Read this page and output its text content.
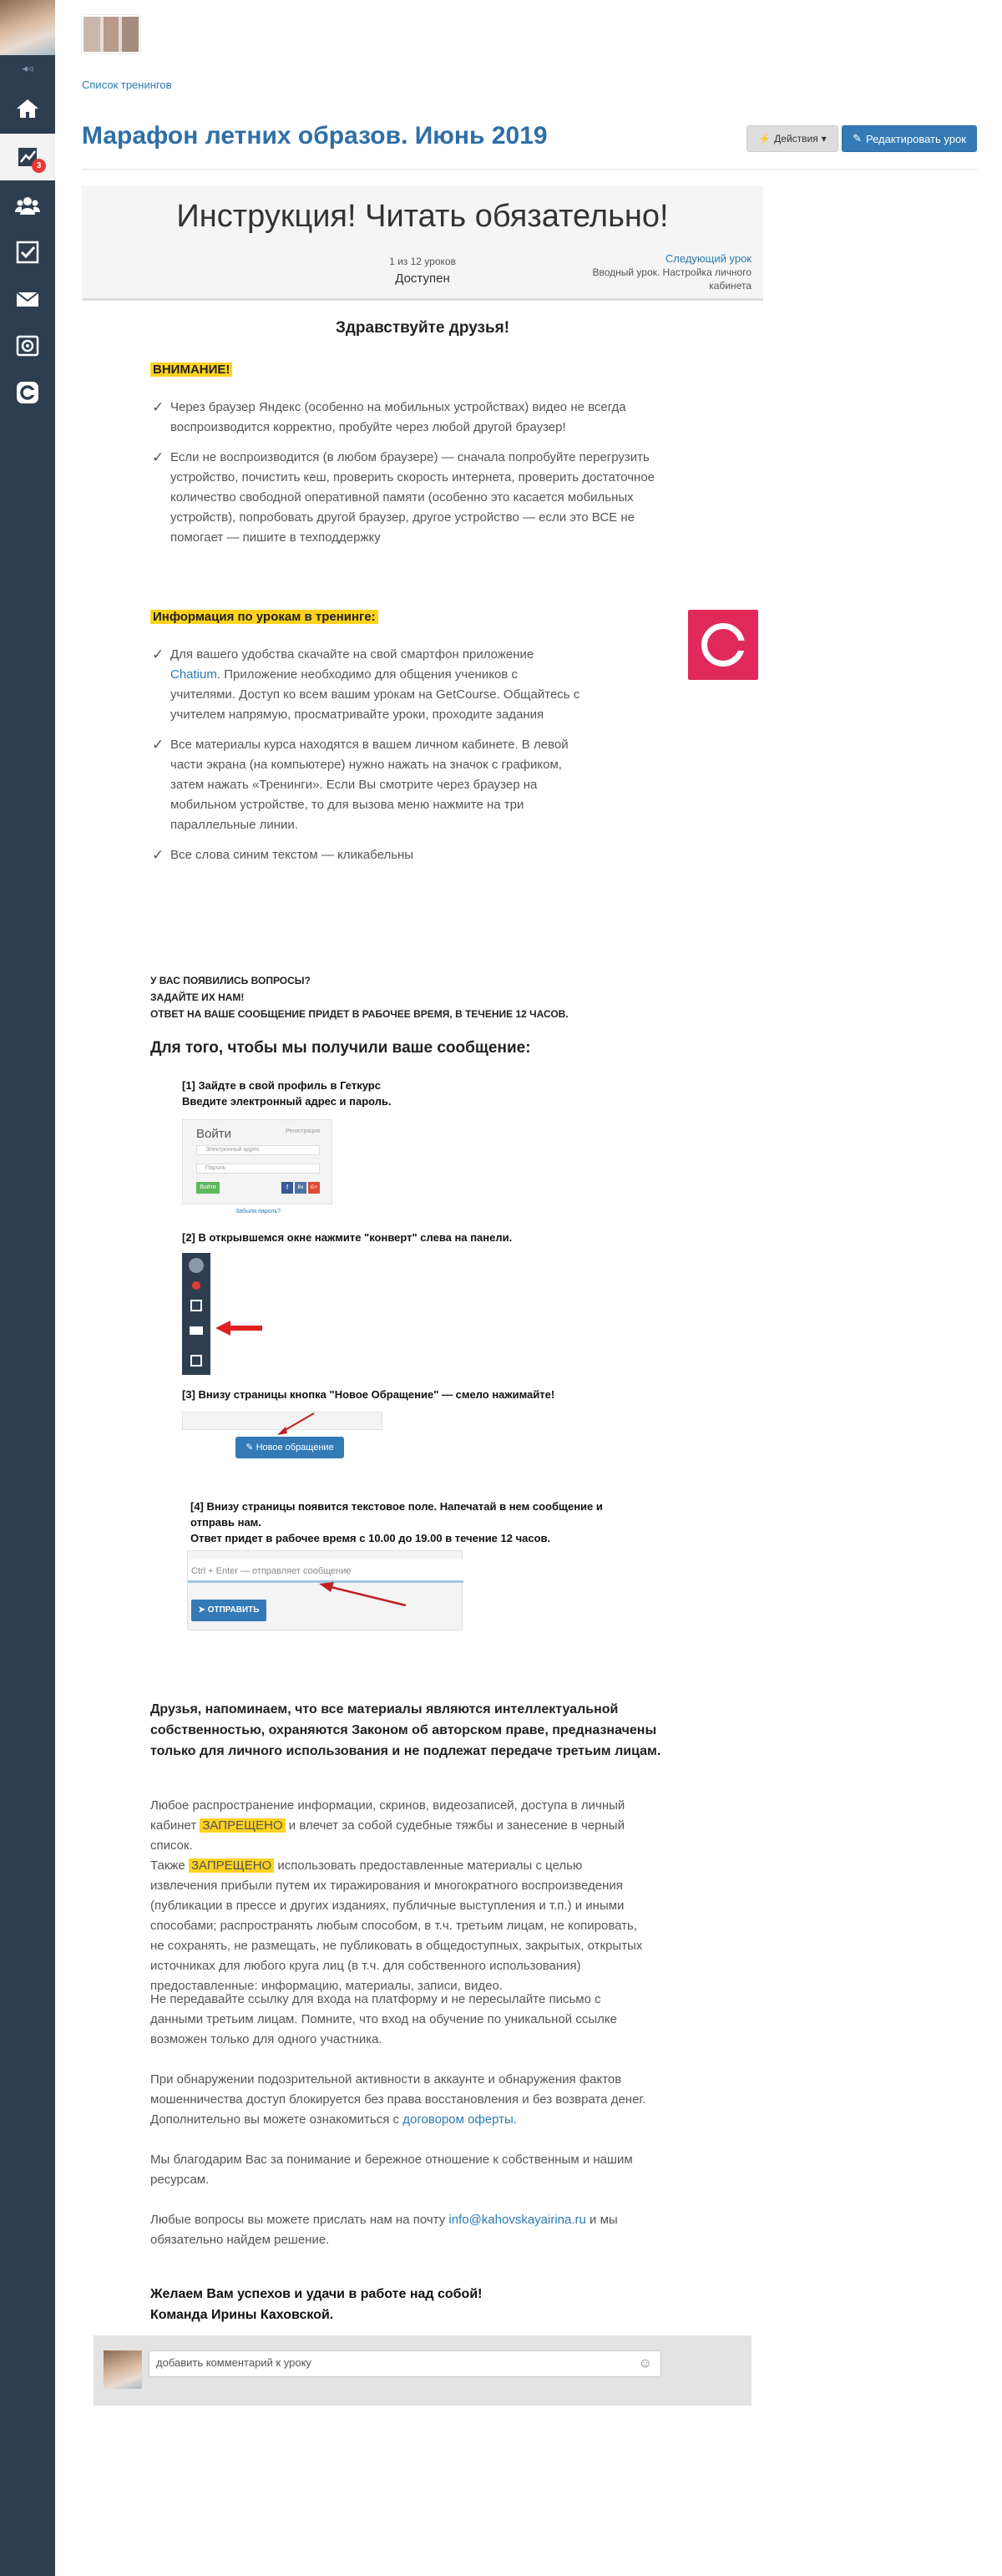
◂◃
3
Список тренингов
Марафон летних образов. Июнь 2019	⚡ Действия ▾ ✎ Редактировать урок
Инструкция! Читать обязательно!
1 из 12 уроков
Доступен
Следующий урок
Вводный урок. Настройка личного кабинета
Здравствуйте друзья!
ВНИМАНИЕ!
✓ Через браузер Яндекс (особенно на мобильных устройствах) видео не всегда воспроизводится корректно, пробуйте через любой другой браузер!
✓ Если не воспроизводится (в любом браузере) — сначала попробуйте перегрузить устройство, почистить кеш, проверить скорость интернета, проверить достаточное количество свободной оперативной памяти (особенно это касается мобильных устройств), попробовать другой браузер, другое устройство — если это ВСЕ не помогает — пишите в техподдержку
Информация по урокам в тренинге:
✓ Для вашего удобства скачайте на свой смартфон приложение Chatium. Приложение необходимо для общения учеников с учителями. Доступ ко всем вашим урокам на GetCourse. Общайтесь с учителем напрямую, просматривайте уроки, проходите задания
✓ Все материалы курса находятся в вашем личном кабинете. В левой части экрана (на компьютере) нужно нажать на значок с графиком, затем нажать «Тренинги». Если Вы смотрите через браузер на мобильном устройстве, то для вызова меню нажмите на три параллельные линии.
✓ Все слова синим текстом — кликабельны
У ВАС ПОЯВИЛИСЬ ВОПРОСЫ?
ЗАДАЙТЕ ИХ НАМ!
ОТВЕТ НА ВАШЕ СООБЩЕНИЕ ПРИДЕТ В РАБОЧЕЕ ВРЕМЯ, В ТЕЧЕНИЕ 12 ЧАСОВ.
Для того, чтобы мы получили ваше сообщение:
[1] Зайдте в свой профиль в Геткурс
Введите электронный адрес и пароль.
Войти	Регистрация
Электронный адрес
Пароль
Войти	f	Вк	G+
Забыли пароль?
[2] В открывшемся окне нажмите "конверт" слева на панели.
[3] Внизу страницы кнопка "Новое Обращение" — смело нажимайте!
✎ Новое обращение
[4] Внизу страницы появится текстовое поле. Напечатай в нем сообщение и отправь нам.
Ответ придет в рабочее время с 10.00 до 19.00 в течение 12 часов.
Ctrl + Enter — отправляет сообщение
➤ ОТПРАВИТЬ
Друзья, напоминаем, что все материалы являются интеллектуальной собственностью, охраняются Законом об авторском праве, предназначены только для личного использования и не подлежат передаче третьим лицам.
Любое распространение информации, скринов, видеозаписей, доступа в личный кабинет ЗАПРЕЩЕНО и влечет за собой судебные тяжбы и занесение в черный список.
Также ЗАПРЕЩЕНО использовать предоставленные материалы с целью извлечения прибыли путем их тиражирования и многократного воспроизведения (публикации в прессе и других изданиях, публичные выступления и т.п.) и иными способами; распространять любым способом, в т.ч. третьим лицам, не копировать, не сохранять, не размещать, не публиковать в общедоступных, закрытых, открытых источниках для любого круга лиц (в т.ч. для собственного использования) предоставленные: информацию, материалы, записи, видео.
Не передавайте ссылку для входа на платформу и не пересылайте письмо с данными третьим лицам. Помните, что вход на обучение по уникальной ссылке возможен только для одного участника.
При обнаружении подозрительной активности в аккаунте и обнаружения фактов мошенничества доступ блокируется без права восстановления и без возврата денег. Дополнительно вы можете ознакомиться с договором оферты.
Мы благодарим Вас за понимание и бережное отношение к собственным и нашим ресурсам.
Любые вопросы вы можете прислать нам на почту info@kahovskayairina.ru и мы обязательно найдем решение.
Желаем Вам успехов и удачи в работе над собой!
Команда Ирины Каховской.
добавить комментарий к уроку	☺
